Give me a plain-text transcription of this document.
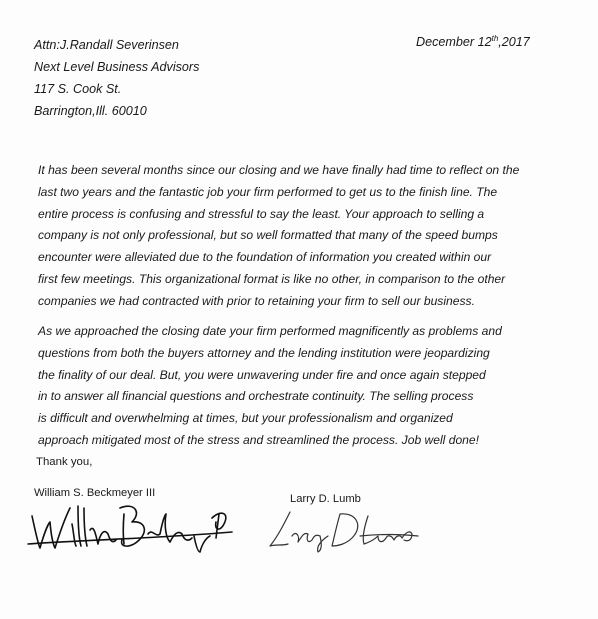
Attn:J.Randall Severinsen
Next Level Business Advisors
117 S. Cook St.
Barrington,Ill. 60010
December 12th,2017
It has been several months since our closing and we have finally had time to reflect on the
last two years and the fantastic job your firm performed to get us to the finish line. The
entire process is confusing and stressful to say the least. Your approach to selling a
company is not only professional, but so well formatted that many of the speed bumps
encounter were alleviated due to the foundation of information you created within our
first few meetings. This organizational format is like no other, in comparison to the other
companies we had contracted with prior to retaining your firm to sell our business.
As we approached the closing date your firm performed magnificently as problems and
questions from both the buyers attorney and the lending institution were jeopardizing
the finality of our deal. But, you were unwavering under fire and once again stepped
in to answer all financial questions and orchestrate continuity. The selling process
is difficult and overwhelming at times, but your professionalism and organized
approach mitigated most of the stress and streamlined the process. Job well done!
Thank you,
William S. Beckmeyer III	Larry D. Lumb
